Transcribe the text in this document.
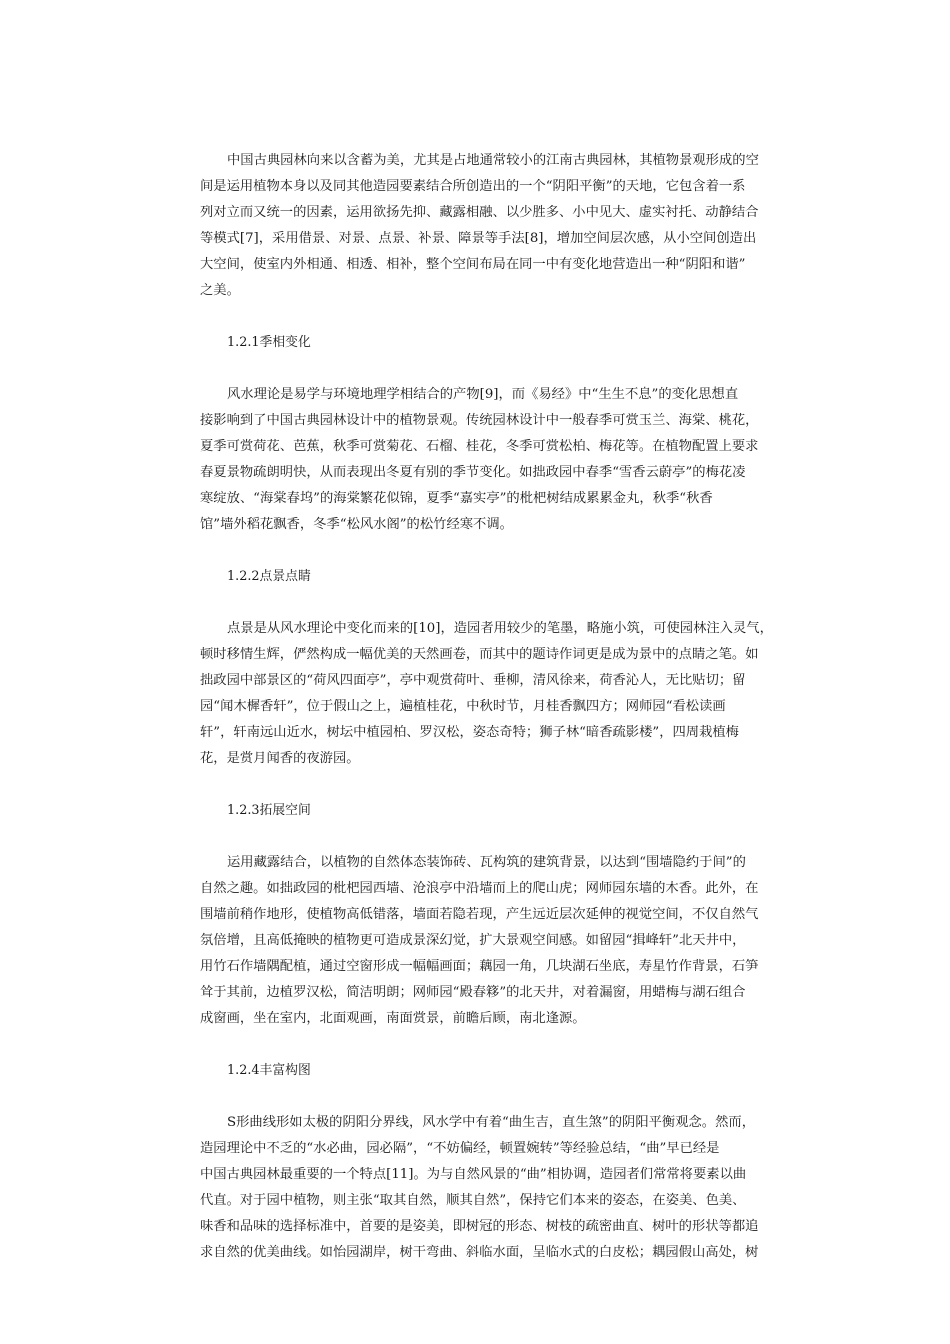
中国古典园林向来以含蓄为美，尤其是占地通常较小的江南古典园林，其植物景观形成的空
间是运用植物本身以及同其他造园要素结合所创造出的一个“阴阳平衡”的天地，它包含着一系
列对立而又统一的因素，运用欲扬先抑、藏露相融、以少胜多、小中见大、虚实衬托、动静结合
等模式[7]，采用借景、对景、点景、补景、障景等手法[8]，增加空间层次感，从小空间创造出
大空间，使室内外相通、相透、相补，整个空间布局在同一中有变化地营造出一种“阴阳和谐”
之美。

1.2.1季相变化

风水理论是易学与环境地理学相结合的产物[9]，而《易经》中“生生不息”的变化思想直
接影响到了中国古典园林设计中的植物景观。传统园林设计中一般春季可赏玉兰、海棠、桃花，
夏季可赏荷花、芭蕉，秋季可赏菊花、石榴、桂花，冬季可赏松柏、梅花等。在植物配置上要求
春夏景物疏朗明快，从而表现出冬夏有别的季节变化。如拙政园中春季“雪香云蔚亭”的梅花凌
寒绽放、“海棠春坞”的海棠繁花似锦，夏季“嘉实亭”的枇杷树结成累累金丸，秋季“秋香
馆”墙外稻花飘香，冬季“松风水阁”的松竹经寒不调。

1.2.2点景点睛

点景是从风水理论中变化而来的[10]，造园者用较少的笔墨，略施小筑，可使园林注入灵气，
顿时移情生辉，俨然构成一幅优美的天然画卷，而其中的题诗作词更是成为景中的点睛之笔。如
拙政园中部景区的“荷风四面亭”，亭中观赏荷叶、垂柳，清风徐来，荷香沁人，无比贴切；留
园“闻木樨香轩”，位于假山之上，遍植桂花，中秋时节，月桂香飘四方；网师园“看松读画
轩”，轩南远山近水，树坛中植园柏、罗汉松，姿态奇特；狮子林“暗香疏影楼”，四周栽植梅
花，是赏月闻香的夜游园。

1.2.3拓展空间

运用藏露结合，以植物的自然体态装饰砖、瓦构筑的建筑背景，以达到“围墙隐约于间”的
自然之趣。如拙政园的枇杷园西墙、沧浪亭中沿墙而上的爬山虎；网师园东墙的木香。此外，在
围墙前稍作地形，使植物高低错落，墙面若隐若现，产生远近层次延伸的视觉空间，不仅自然气
氛倍增，且高低掩映的植物更可造成景深幻觉，扩大景观空间感。如留园“揖峰轩”北天井中，
用竹石作墙隅配植，通过空窗形成一幅幅画面；藕园一角，几块湖石坐底，寿星竹作背景，石笋
耸于其前，边植罗汉松，简洁明朗；网师园“殿春簃”的北天井，对着漏窗，用蜡梅与湖石组合
成窗画，坐在室内，北面观画，南面赏景，前瞻后顾，南北逢源。

1.2.4丰富构图

S形曲线形如太极的阴阳分界线，风水学中有着“曲生吉，直生煞”的阴阳平衡观念。然而，
造园理论中不乏的“水必曲，园必隔”，“不妨偏经，顿置婉转”等经验总结，“曲”早已经是
中国古典园林最重要的一个特点[11]。为与自然风景的“曲”相协调，造园者们常常将要素以曲
代直。对于园中植物，则主张“取其自然，顺其自然”，保持它们本来的姿态，在姿美、色美、
味香和品味的选择标准中，首要的是姿美，即树冠的形态、树枝的疏密曲直、树叶的形状等都追
求自然的优美曲线。如怡园湖岸，树干弯曲、斜临水面，呈临水式的白皮松；耦园假山高处，树
